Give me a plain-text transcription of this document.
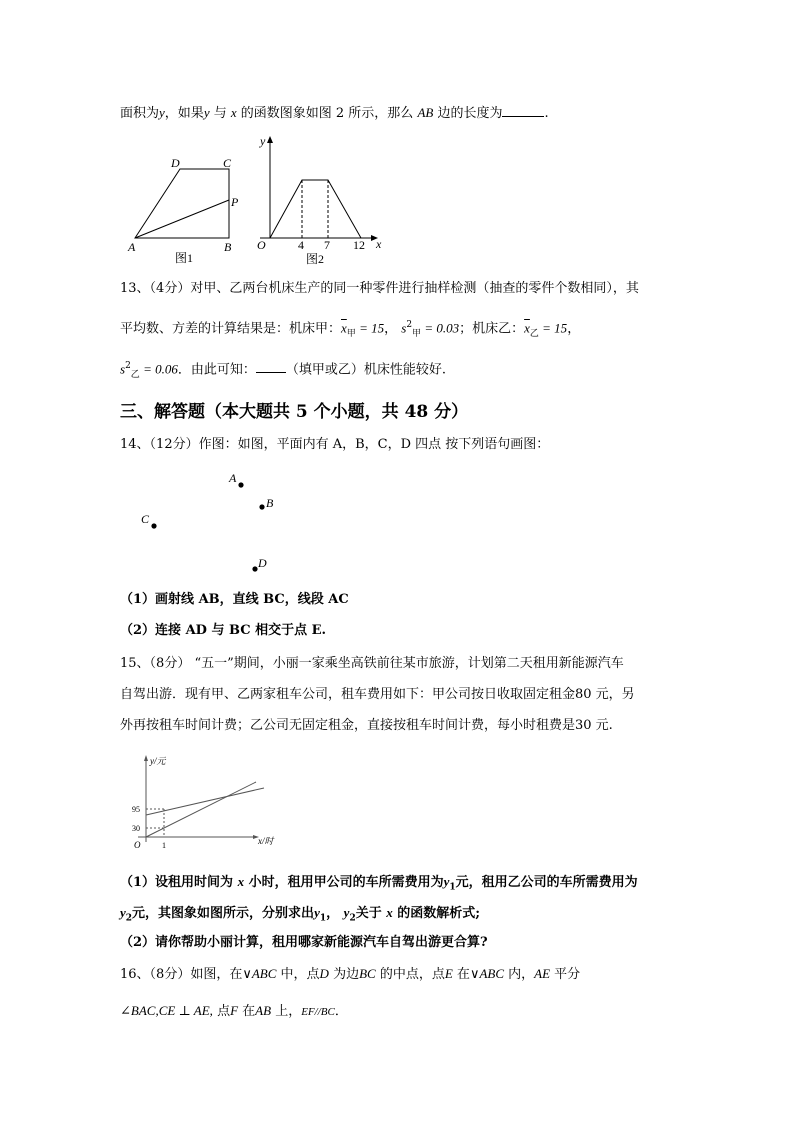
面积为y，如果y 与 x 的函数图象如图 2 所示，那么 AB 边的长度为	.
D	C
P
A	B
图1
y
x
O	4 7 12
图2
13、（4分）对甲、乙两台机床生产的同一种零件进行抽样检测（抽查的零件个数相同），其
平均数、方差的计算结果是：机床甲：$\overline{x}_甲 = 15$， $s^2_甲 = 0.03$；机床乙：$\overline{x}_乙 = 15$，
$s^2_乙 = 0.06$．由此可知： （填甲或乙）机床性能较好.
三、解答题（本大题共 5 个小题，共 48 分）
14、（12分）作图：如图，平面内有 A，B，C，D 四点 按下列语句画图：
A
B
C
D
（1）画射线 AB，直线 BC，线段 AC
（2）连接 AD 与 BC 相交于点 E.
15、（8分） “五一”期间，小丽一家乘坐高铁前往某市旅游，计划第二天租用新能源汽车
自驾出游．现有甲、乙两家租车公司，租车费用如下：甲公司按日收取固定租金80 元，另
外再按租车时间计费；乙公司无固定租金，直接按租车时间计费，每小时租费是30 元.
y/元
x/时
95
30
O	1
（1）设租用时间为 x 小时，租用甲公司的车所需费用为$y_1$元，租用乙公司的车所需费用为
$y_2$元，其图象如图所示，分别求出$y_1$， $y_2$关于 x 的函数解析式;
（2）请你帮助小丽计算，租用哪家新能源汽车自驾出游更合算?
16、（8分）如图，在∨ABC 中，点D 为边BC 的中点，点E 在∨ABC 内，AE 平分
∠BAC,CE ⊥ AE, 点F 在AB 上，EF//BC．
